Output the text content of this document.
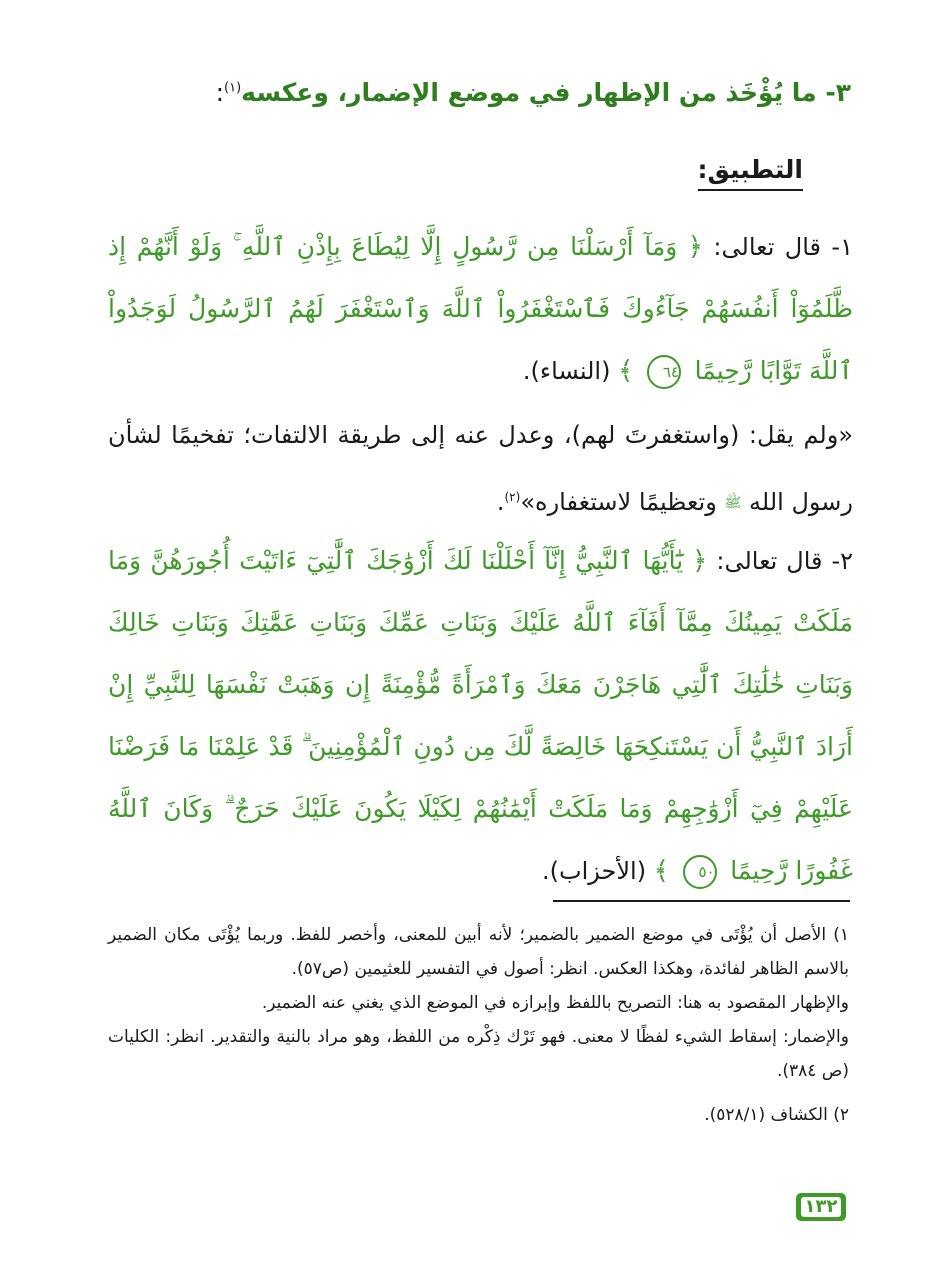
٣- ما يُؤْخَذ من الإظهار في موضع الإضمار، وعكسه$^{(١)}$:
التطبيق:
١- قال تعالى: ﴿ وَمَآ أَرْسَلْنَا مِن رَّسُولٍ إِلَّا لِيُطَاعَ بِإِذْنِ ٱللَّهِ ۚ وَلَوْ أَنَّهُمْ إِذ ظَّلَمُوٓاْ أَنفُسَهُمْ جَآءُوكَ فَٱسْتَغْفَرُواْ ٱللَّهَ وَٱسْتَغْفَرَ لَهُمُ ٱلرَّسُولُ لَوَجَدُواْ ٱللَّهَ تَوَّابًا رَّحِيمًا ٦٤ ﴾ (النساء).
«ولم يقل: (واستغفرتَ لهم)، وعدل عنه إلى طريقة الالتفات؛ تفخيمًا لشأن رسول الله ﷺ وتعظيمًا لاستغفاره»$^{(٢)}$.
٢- قال تعالى: ﴿ يَٰٓأَيُّهَا ٱلنَّبِيُّ إِنَّآ أَحْلَلْنَا لَكَ أَزْوَٰجَكَ ٱلَّٰتِيٓ ءَاتَيْتَ أُجُورَهُنَّ وَمَا مَلَكَتْ يَمِينُكَ مِمَّآ أَفَآءَ ٱللَّهُ عَلَيْكَ وَبَنَاتِ عَمِّكَ وَبَنَاتِ عَمَّٰتِكَ وَبَنَاتِ خَالِكَ وَبَنَاتِ خَٰلَٰتِكَ ٱلَّٰتِي هَاجَرْنَ مَعَكَ وَٱمْرَأَةً مُّؤْمِنَةً إِن وَهَبَتْ نَفْسَهَا لِلنَّبِيِّ إِنْ أَرَادَ ٱلنَّبِيُّ أَن يَسْتَنكِحَهَا خَالِصَةً لَّكَ مِن دُونِ ٱلْمُؤْمِنِينَ ۗ قَدْ عَلِمْنَا مَا فَرَضْنَا عَلَيْهِمْ فِيٓ أَزْوَٰجِهِمْ وَمَا مَلَكَتْ أَيْمَٰنُهُمْ لِكَيْلَا يَكُونَ عَلَيْكَ حَرَجٌ ۗ وَكَانَ ٱللَّهُ غَفُورًا رَّحِيمًا ٥٠ ﴾ (الأحزاب).

١) الأصل أن يُؤْتَى في موضع الضمير بالضمير؛ لأنه أبين للمعنى، وأخصر للفظ. وربما يُؤْتَى مكان الضمير بالاسم الظاهر لفائدة، وهكذا العكس. انظر: أصول في التفسير للعثيمين (ص٥٧).

والإظهار المقصود به هنا: التصريح باللفظ وإبرازه في الموضع الذي يغني عنه الضمير.

والإضمار: إسقاط الشيء لفظًا لا معنى. فهو تَرْك ذِكْره من اللفظ، وهو مراد بالنية والتقدير. انظر: الكليات (ص ٣٨٤).

٢) الكشاف (٥٢٨/١).

١٣٢
